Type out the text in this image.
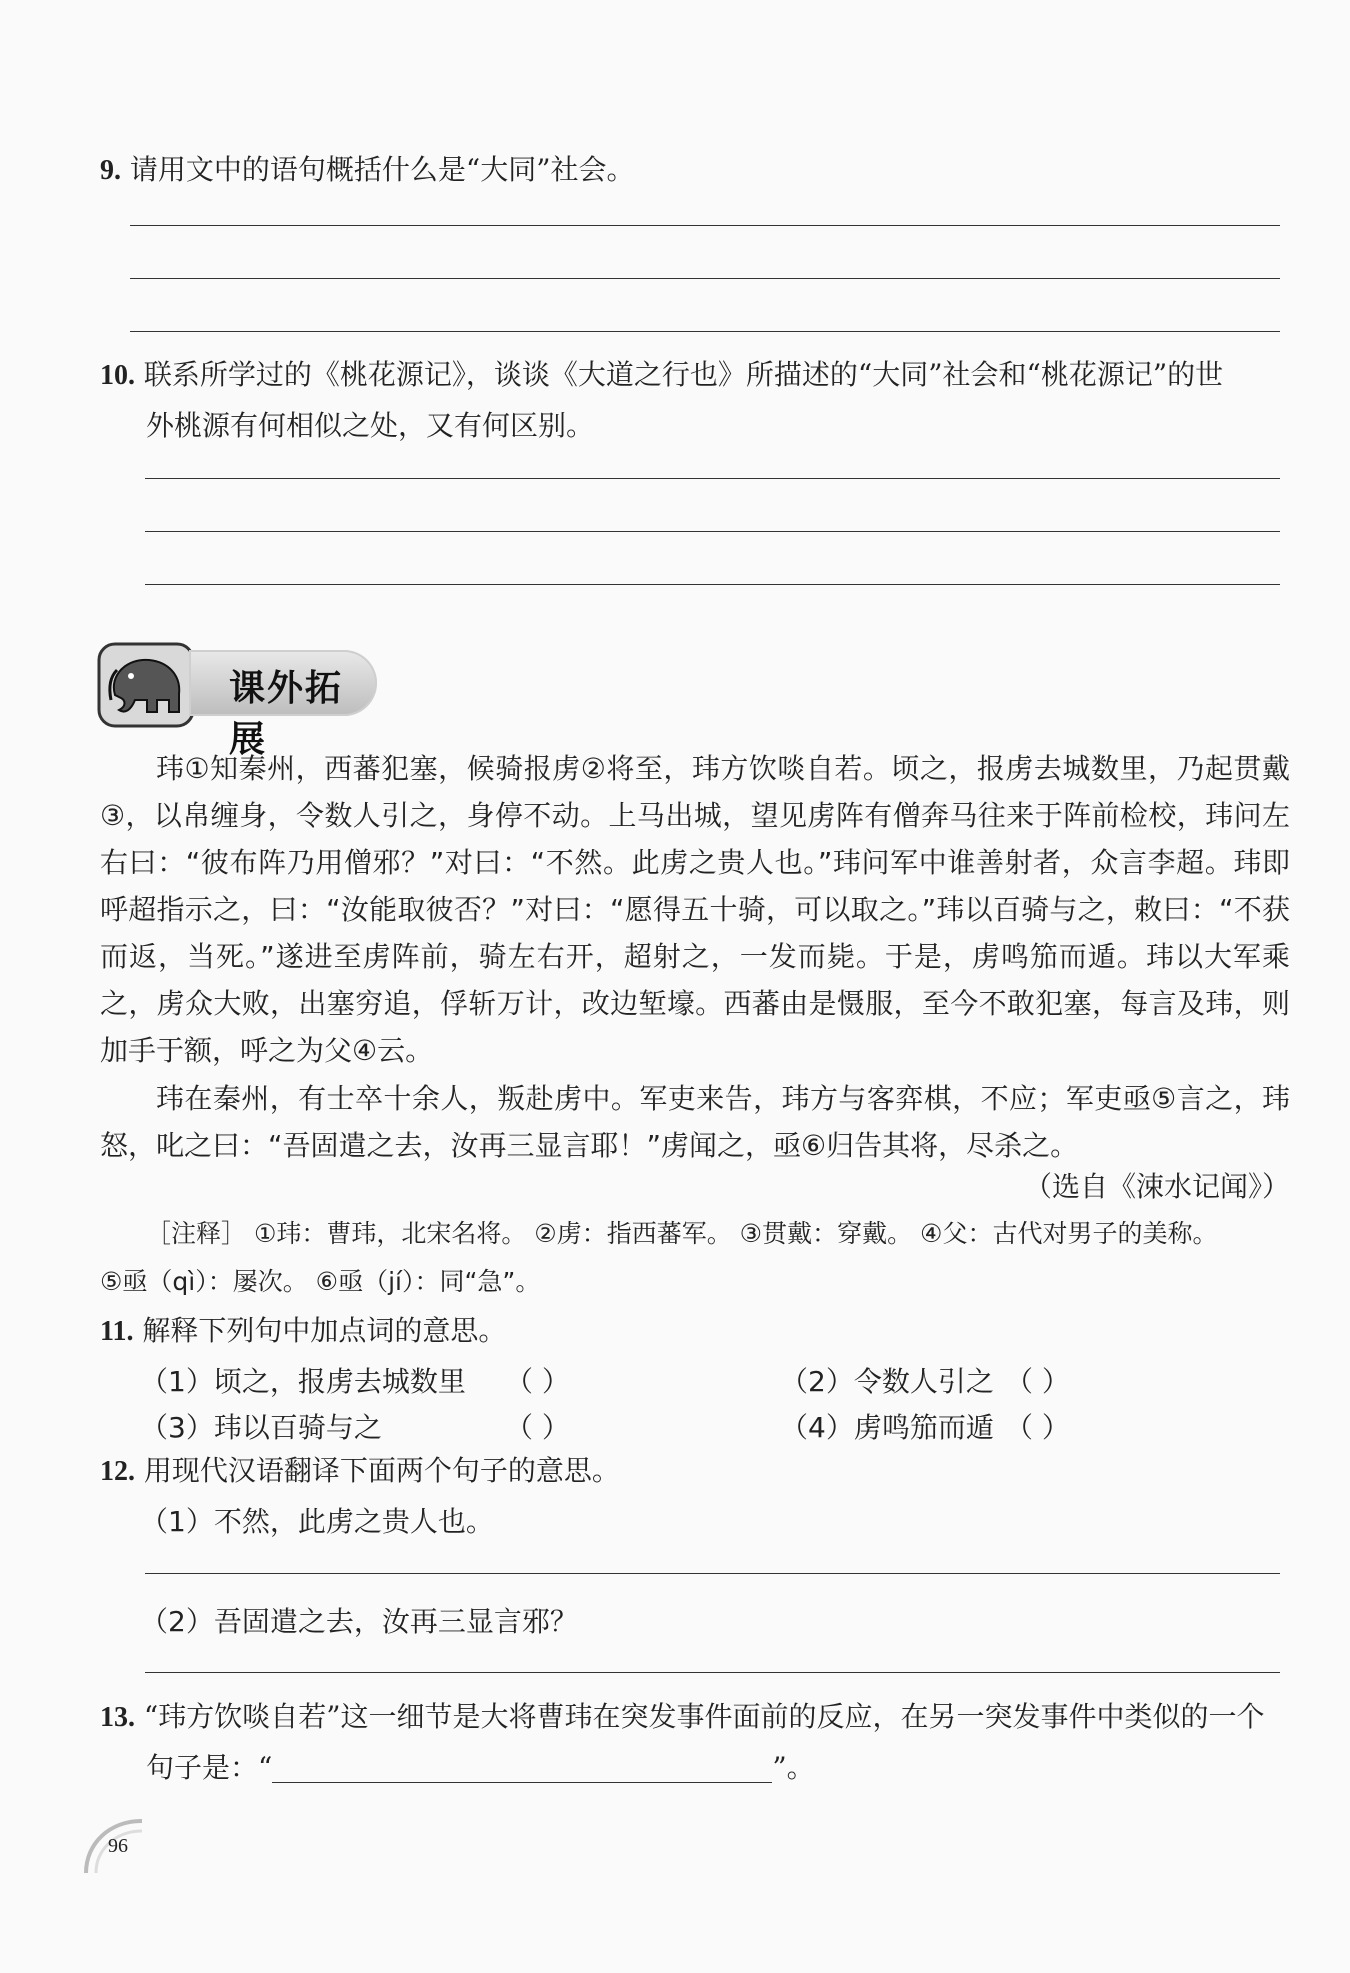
9. 请用文中的语句概括什么是“大同”社会。
10. 联系所学过的《桃花源记》，谈谈《大道之行也》所描述的“大同”社会和“桃花源记”的世
外桃源有何相似之处，又有何区别。
课外拓展
玮①知秦州，西蕃犯塞，候骑报虏②将至，玮方饮啖自若。顷之，报虏去城数里，乃起贯戴③，以帛缠身，令数人引之，身停不动。上马出城，望见虏阵有僧奔马往来于阵前检校，玮问左右曰：“彼布阵乃用僧邪？”对曰：“不然。此虏之贵人也。”玮问军中谁善射者，众言李超。玮即呼超指示之，曰：“汝能取彼否？”对曰：“愿得五十骑，可以取之。”玮以百骑与之，敕曰：“不获而返，当死。”遂进至虏阵前，骑左右开，超射之，一发而毙。于是，虏鸣笳而遁。玮以大军乘之，虏众大败，出塞穷追，俘斩万计，改边堑壕。西蕃由是慑服，至今不敢犯塞，每言及玮，则加手于额，呼之为父④云。
玮在秦州，有士卒十余人，叛赴虏中。军吏来告，玮方与客弈棋，不应；军吏亟⑤言之，玮怒，叱之曰：“吾固遣之去，汝再三显言耶！”虏闻之，亟⑥归告其将，尽杀之。
（选自《涑水记闻》）
［注释］ ①玮：曹玮，北宋名将。 ②虏：指西蕃军。 ③贯戴：穿戴。 ④父：古代对男子的美称。
⑤亟（qì）：屡次。 ⑥亟（jí）：同“急”。
11. 解释下列句中加点词的意思。
（1）顷之，报虏去城数里 （ ）	（2）令数人引之 （ ）
（3）玮以百骑与之	（ ）	（4）虏鸣笳而遁 （ ）
12. 用现代汉语翻译下面两个句子的意思。
（1）不然，此虏之贵人也。
（2）吾固遣之去，汝再三显言邪？
13. “玮方饮啖自若”这一细节是大将曹玮在突发事件面前的反应，在另一突发事件中类似的一个
句子是：“	”。
96
